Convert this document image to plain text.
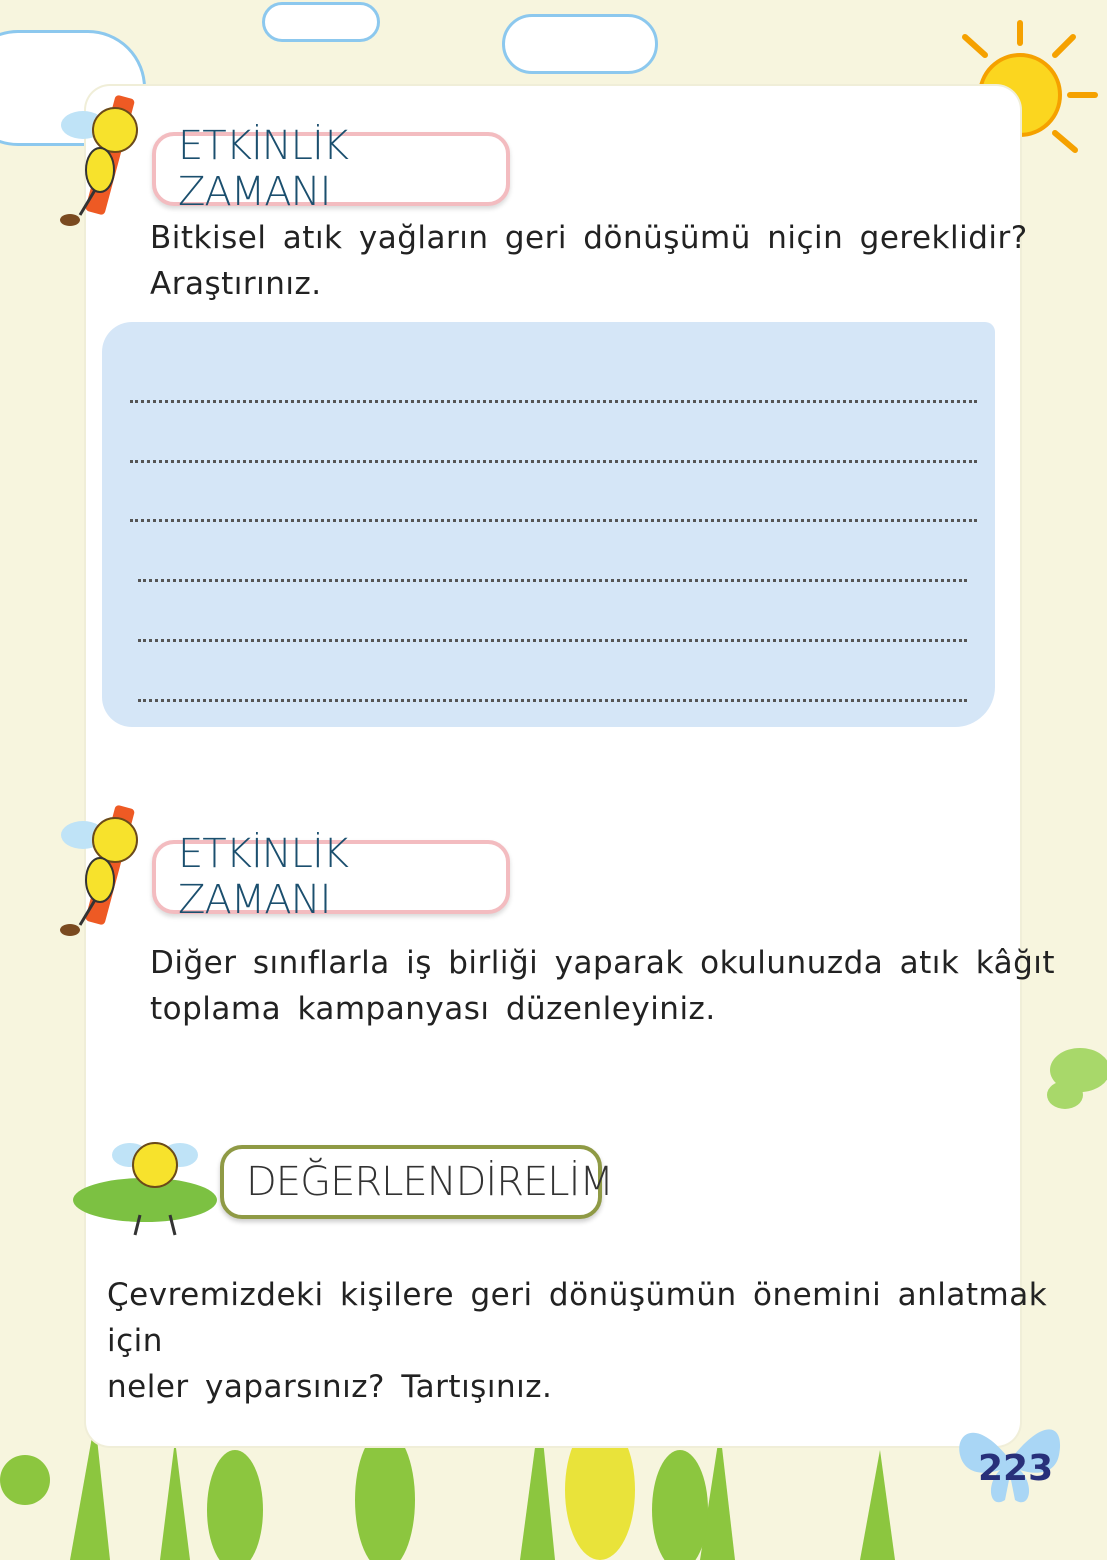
ETKİNLİK ZAMANI
Bitkisel atık yağların geri dönüşümü niçin gereklidir?
Araştırınız.
ETKİNLİK ZAMANI
Diğer sınıflarla iş birliği yaparak okulunuzda atık kâğıt
toplama kampanyası düzenleyiniz.
DEĞERLENDİRELİM
Çevremizdeki kişilere geri dönüşümün önemini anlatmak için
neler yaparsınız? Tartışınız.
223
